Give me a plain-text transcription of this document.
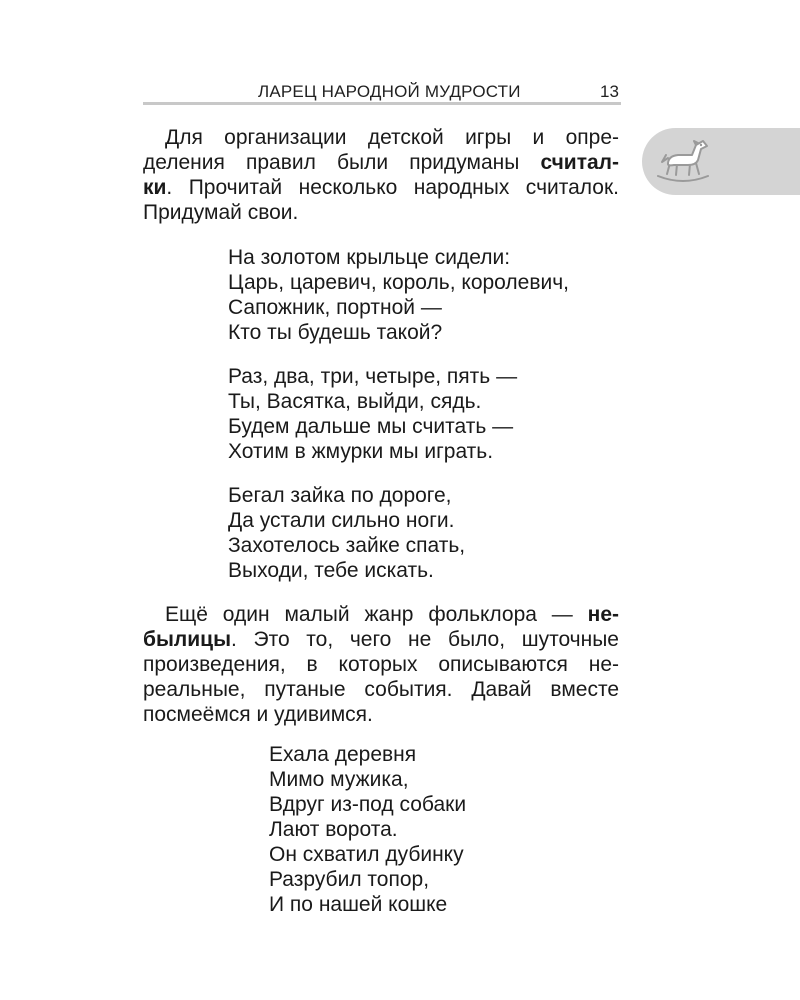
ЛАРЕЦ НАРОДНОЙ МУДРОСТИ	13

Для организации детской игры и опре-
деления правил были придуманы считал-
ки. Прочитай несколько народных считалок.
Придумай свои.

На золотом крыльце сидели:
Царь, царевич, король, королевич,
Сапожник, портной —
Кто ты будешь такой?

Раз, два, три, четыре, пять —
Ты, Васятка, выйди, сядь.
Будем дальше мы считать —
Хотим в жмурки мы играть.

Бегал зайка по дороге,
Да устали сильно ноги.
Захотелось зайке спать,
Выходи, тебе искать.

Ещё один малый жанр фольклора — не-
былицы. Это то, чего не было, шуточные
произведения, в которых описываются не-
реальные, путаные события. Давай вместе
посмеёмся и удивимся.

Ехала деревня
Мимо мужика,
Вдруг из-под собаки
Лают ворота.
Он схватил дубинку
Разрубил топор,
И по нашей кошке
